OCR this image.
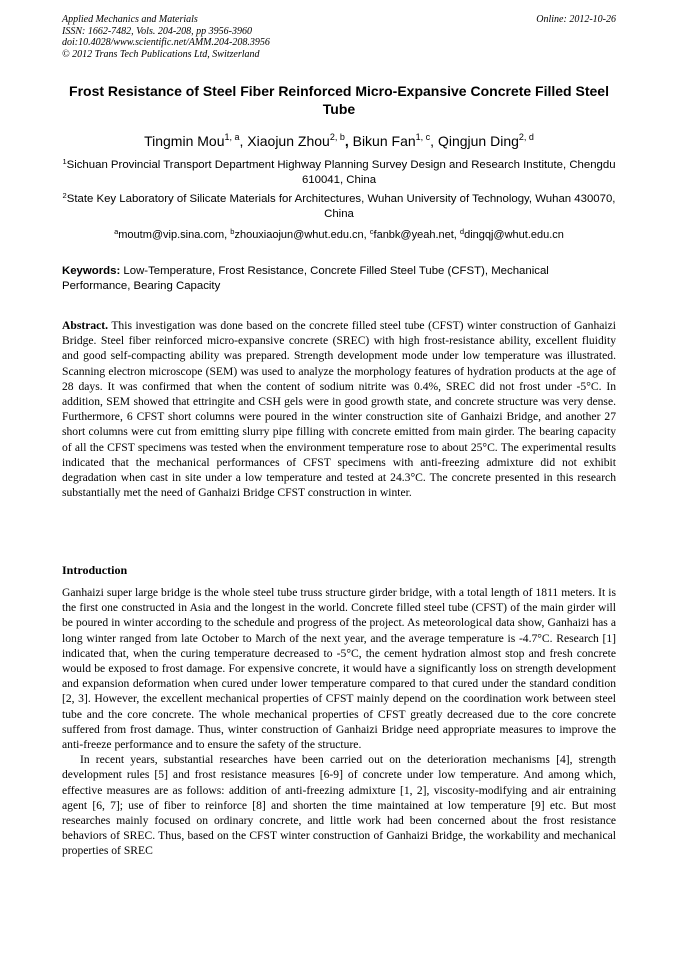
Applied Mechanics and Materials
ISSN: 1662-7482, Vols. 204-208, pp 3956-3960
doi:10.4028/www.scientific.net/AMM.204-208.3956
© 2012 Trans Tech Publications Ltd, Switzerland
Online: 2012-10-26
Frost Resistance of Steel Fiber Reinforced Micro-Expansive Concrete Filled Steel Tube
Tingmin Mou$^{1, a}$, Xiaojun Zhou$^{2, b}$, Bikun Fan$^{1, c}$, Qingjun Ding$^{2, d}$
$^1$Sichuan Provincial Transport Department Highway Planning Survey Design and Research Institute, Chengdu 610041, China
$^2$State Key Laboratory of Silicate Materials for Architectures, Wuhan University of Technology, Wuhan 430070, China
$^a$moutm@vip.sina.com, $^b$zhouxiaojun@whut.edu.cn, $^c$fanbk@yeah.net, $^d$dingqj@whut.edu.cn
Keywords: Low-Temperature, Frost Resistance, Concrete Filled Steel Tube (CFST), Mechanical Performance, Bearing Capacity
Abstract. This investigation was done based on the concrete filled steel tube (CFST) winter construction of Ganhaizi Bridge. Steel fiber reinforced micro-expansive concrete (SREC) with high frost-resistance ability, excellent fluidity and good self-compacting ability was prepared. Strength development mode under low temperature was illustrated. Scanning electron microscope (SEM) was used to analyze the morphology features of hydration products at the age of 28 days. It was confirmed that when the content of sodium nitrite was 0.4%, SREC did not frost under -5°C. In addition, SEM showed that ettringite and CSH gels were in good growth state, and concrete structure was very dense. Furthermore, 6 CFST short columns were poured in the winter construction site of Ganhaizi Bridge, and another 27 short columns were cut from emitting slurry pipe filling with concrete emitted from main girder. The bearing capacity of all the CFST specimens was tested when the environment temperature rose to about 25°C. The experimental results indicated that the mechanical performances of CFST specimens with anti-freezing admixture did not exhibit degradation when cast in site under a low temperature and tested at 24.3°C. The concrete presented in this research substantially met the need of Ganhaizi Bridge CFST construction in winter.
Introduction

Ganhaizi super large bridge is the whole steel tube truss structure girder bridge, with a total length of 1811 meters. It is the first one constructed in Asia and the longest in the world. Concrete filled steel tube (CFST) of the main girder will be poured in winter according to the schedule and progress of the project. As meteorological data show, Ganhaizi has a long winter ranged from late October to March of the next year, and the average temperature is -4.7°C. Research [1] indicated that, when the curing temperature decreased to -5°C, the cement hydration almost stop and fresh concrete would be exposed to frost damage. For expensive concrete, it would have a significantly loss on strength development and expansion deformation when cured under lower temperature compared to that cured under the standard condition [2, 3]. However, the excellent mechanical properties of CFST mainly depend on the coordination work between steel tube and the core concrete. The whole mechanical properties of CFST greatly decreased due to the core concrete suffered from frost damage. Thus, winter construction of Ganhaizi Bridge need appropriate measures to improve the anti-freeze performance and to ensure the safety of the structure.

In recent years, substantial researches have been carried out on the deterioration mechanisms [4], strength development rules [5] and frost resistance measures [6-9] of concrete under low temperature. And among which, effective measures are as follows: addition of anti-freezing admixture [1, 2], viscosity-modifying and air entraining agent [6, 7]; use of fiber to reinforce [8] and shorten the time maintained at low temperature [9] etc. But most researches mainly focused on ordinary concrete, and little work had been concerned about the frost resistance behaviors of SREC. Thus, based on the CFST winter construction of Ganhaizi Bridge, the workability and mechanical properties of SREC
